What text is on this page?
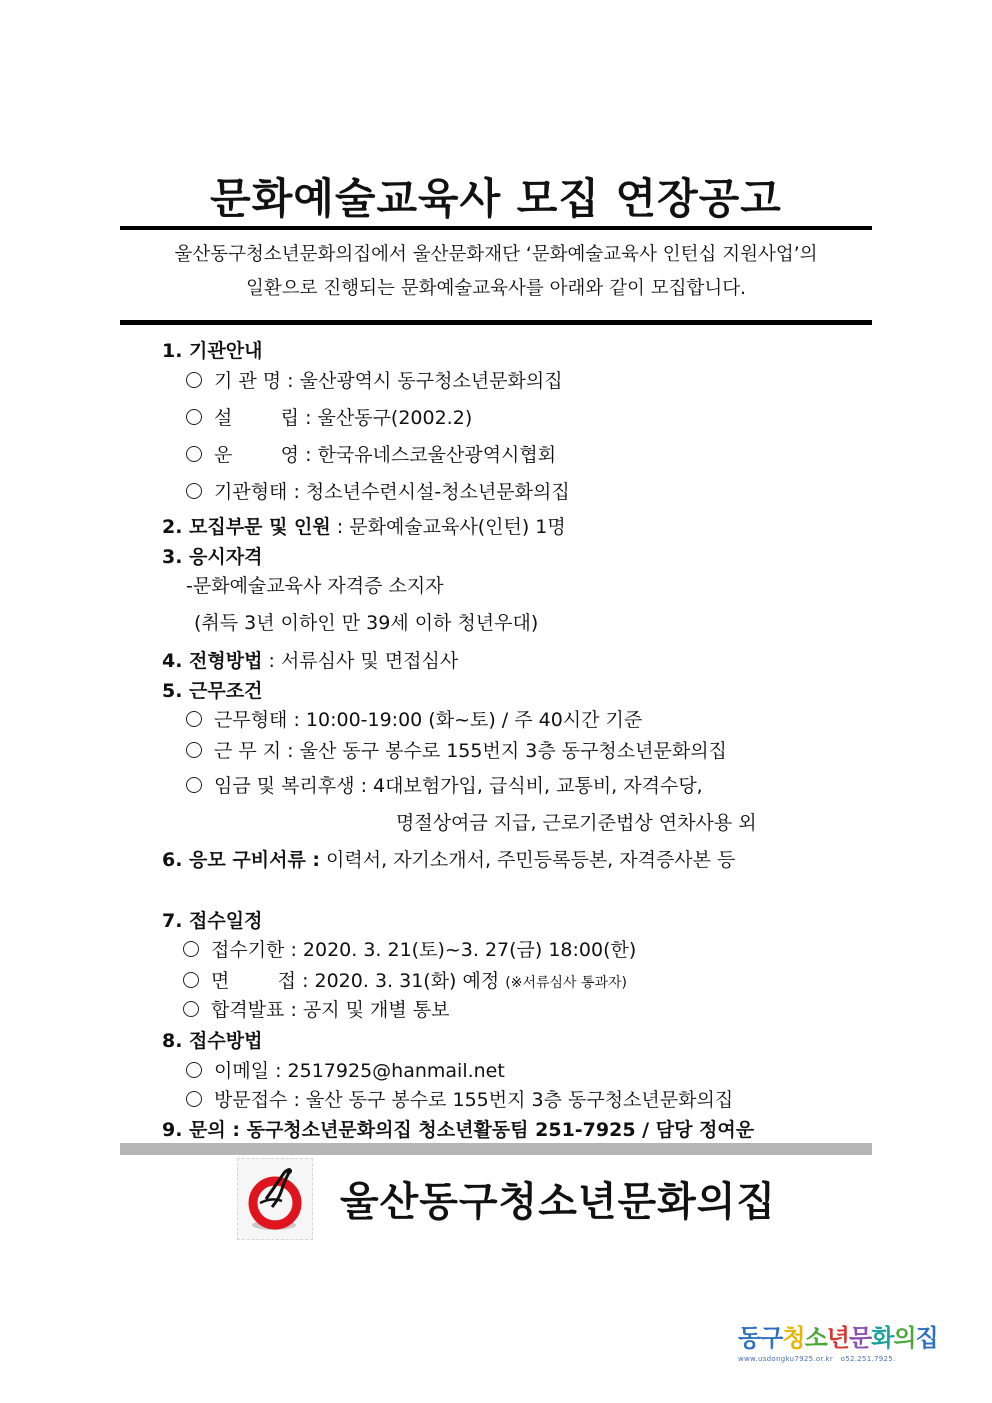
문화예술교육사 모집 연장공고
울산동구청소년문화의집에서 울산문화재단 ‘문화예술교육사 인턴십 지원사업’의
일환으로 진행되는 문화예술교육사를 아래와 같이 모집합니다.
1. 기관안내
기 관 명 : 울산광역시 동구청소년문화의집
설        립 : 울산동구(2002.2)
운        영 : 한국유네스코울산광역시협회
기관형태 : 청소년수련시설-청소년문화의집
2. 모집부문 및 인원 : 문화예술교육사(인턴) 1명
3. 응시자격
-문화예술교육사 자격증 소지자
(취득 3년 이하인 만 39세 이하 청년우대)
4. 전형방법 : 서류심사 및 면접심사
5. 근무조건
근무형태 : 10:00-19:00 (화~토) / 주 40시간 기준
근 무 지 : 울산 동구 봉수로 155번지 3층 동구청소년문화의집
임금 및 복리후생 : 4대보험가입, 급식비, 교통비, 자격수당,
명절상여금 지급, 근로기준법상 연차사용 외
6. 응모 구비서류 : 이력서, 자기소개서, 주민등록등본, 자격증사본 등
7. 접수일정
접수기한 : 2020. 3. 21(토)~3. 27(금) 18:00(한)
면        접 : 2020. 3. 31(화) 예정 (※서류심사 통과자)
합격발표 : 공지 및 개별 통보
8. 접수방법
이메일 : 2517925@hanmail.net
방문접수 : 울산 동구 봉수로 155번지 3층 동구청소년문화의집
9. 문의 : 동구청소년문화의집 청소년활동팀 251-7925 / 담당 정여운
울산동구청소년문화의집
동구청소년문화의집
www.usdongku7925.or.kr   o52.251.7925.
